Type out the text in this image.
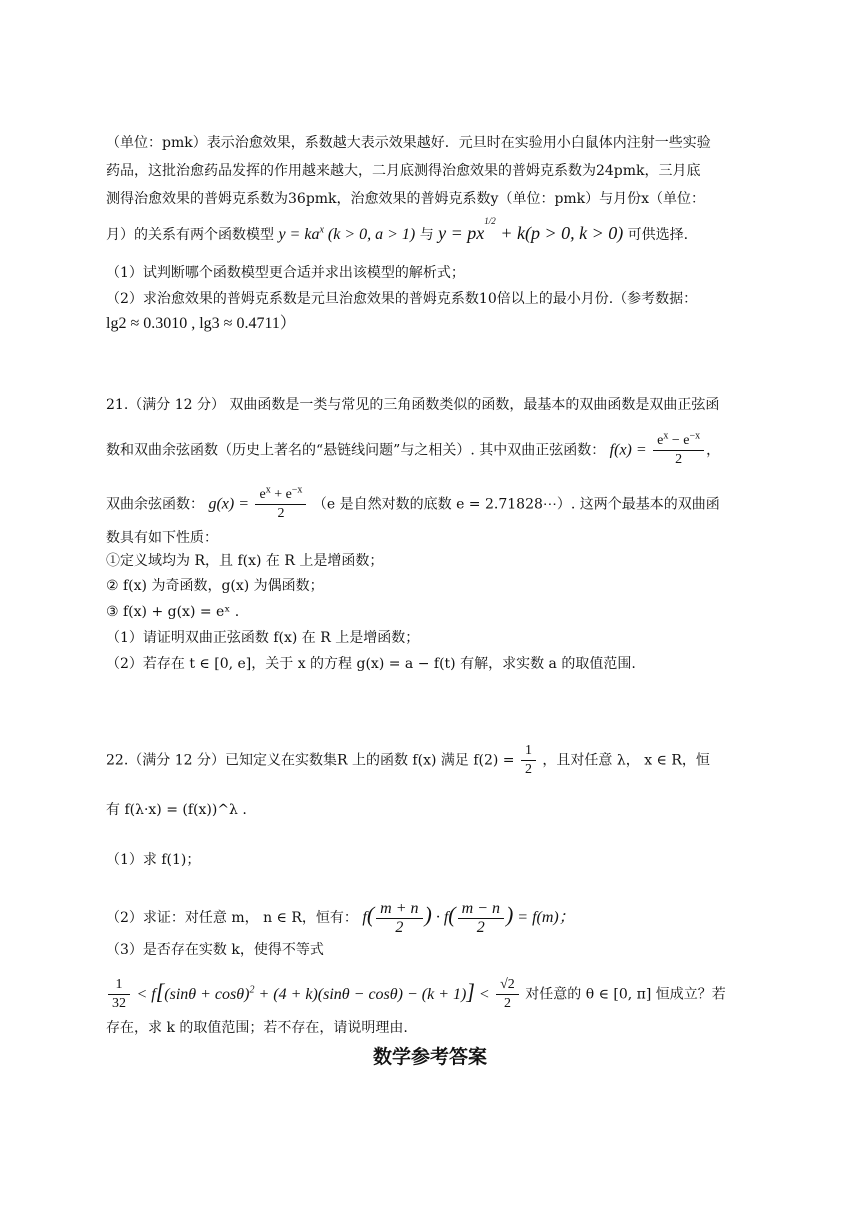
（单位：pmk）表示治愈效果，系数越大表示效果越好．元旦时在实验用小白鼠体内注射一些实验
药品，这批治愈药品发挥的作用越来越大，二月底测得治愈效果的普姆克系数为24pmk，三月底
测得治愈效果的普姆克系数为36pmk，治愈效果的普姆克系数y（单位：pmk）与月份x（单位：
月）的关系有两个函数模型 $y = ka^x$ (k > 0, a > 1) 与 $y = px^{1/2} + k(p > 0$, k > 0) 可供选择.
（1）试判断哪个函数模型更合适并求出该模型的解析式；
（2）求治愈效果的普姆克系数是元旦治愈效果的普姆克系数10倍以上的最小月份.（参考数据：
lg2 ≈ 0.3010 , lg3 ≈ 0.4711）
21.（满分 12 分） 双曲函数是一类与常见的三角函数类似的函数，最基本的双曲函数是双曲正弦函
数和双曲余弦函数（历史上著名的“悬链线问题”与之相关）. 其中双曲正弦函数： $f(x) = \frac{e^x - e^{-x}}{2}$ ，
双曲余弦函数： $g(x) = \frac{e^x + e^{-x}}{2} (e$ 是自然对数的底数 e = 2.71828⋯）. 这两个最基本的双曲函
数具有如下性质：
①定义域均为 R，且 f(x) 在 R 上是增函数；
② f(x) 为奇函数，g(x) 为偶函数；
③ f(x) + g(x) = eˣ .
（1）请证明双曲正弦函数 f(x) 在 R 上是增函数；
（2）若存在 t ∈ [0, e]，关于 x 的方程 g(x) = a − f(t) 有解，求实数 a 的取值范围.
22.（满分 12 分）已知定义在实数集R 上的函数 f(x) 满足 $f(2) = \frac{1}{2}$ ，且对任意 λ， x ∈ R，恒
有 f(λ·x) = (f(x))^λ .
（1）求 f(1)；
（2）求证：对任意 m， n ∈ R，恒有： $f( \frac{m + n}{2}$ ) · $f( \frac{m - n}{2}$ ) = f(m)；
（3）是否存在实数 k，使得不等式
$\frac{1}{32} < f[(\sin\theta + \cos\theta)^2 + (4 + k)(\sin\theta - \cos\theta) - (k + 1)] < \frac{√2}{2}$ 对任意的 θ ∈ [0, π] 恒成立？若
存在，求 k 的取值范围；若不存在，请说明理由.
数学参考答案
